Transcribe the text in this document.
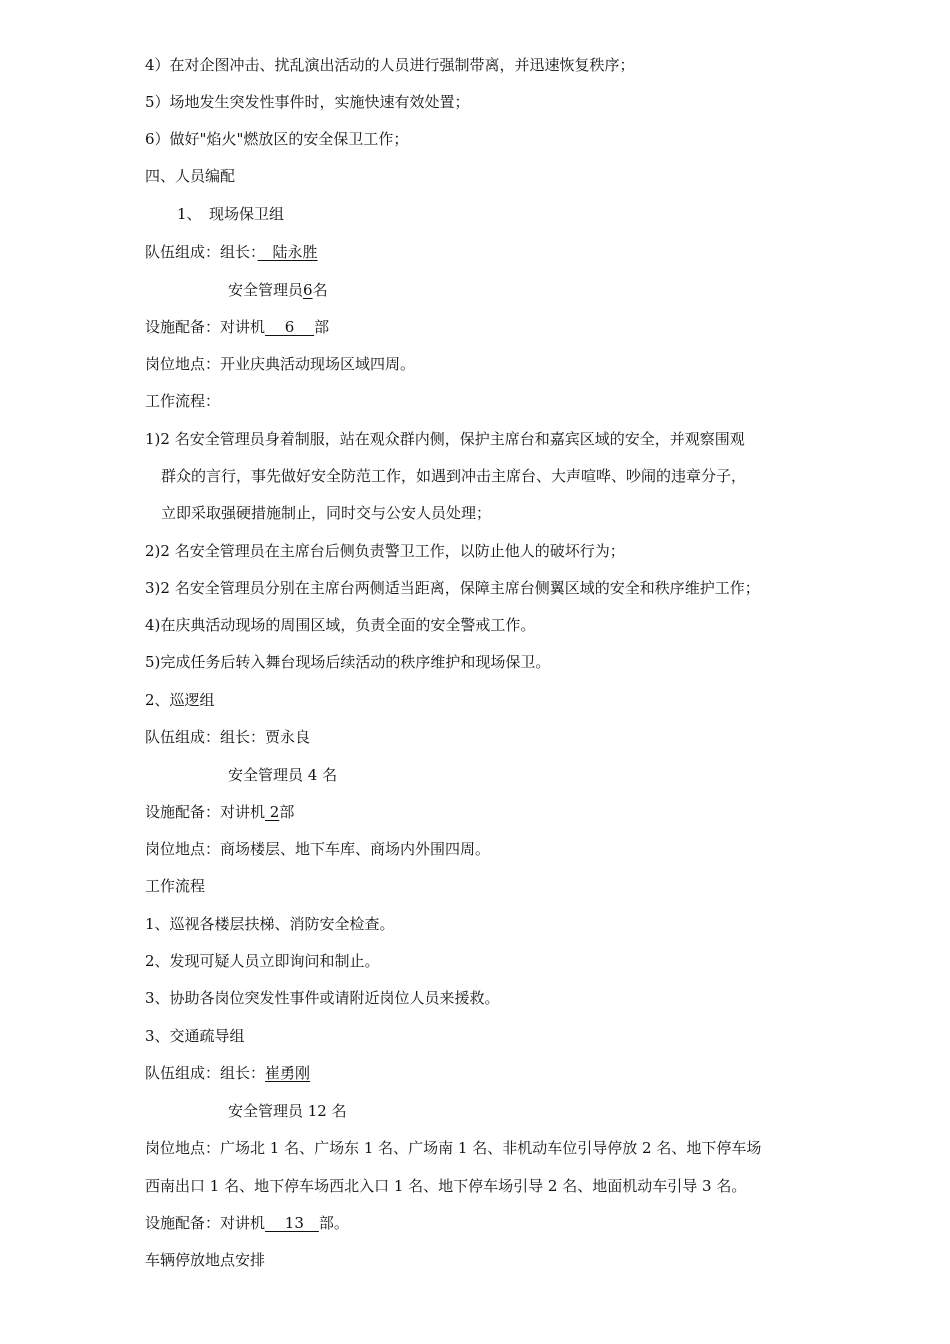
4）在对企图冲击、扰乱演出活动的人员进行强制带离，并迅速恢复秩序；
5）场地发生突发性事件时，实施快速有效处置；
6）做好"焰火"燃放区的安全保卫工作；
四、人员编配
1、　现场保卫组
队伍组成：组长：　陆永胜
安全管理员6名
设施配备：对讲机　 6　 部
岗位地点：开业庆典活动现场区域四周。
工作流程：
1)2 名安全管理员身着制服，站在观众群内侧，保护主席台和嘉宾区域的安全，并观察围观
群众的言行，事先做好安全防范工作，如遇到冲击主席台、大声喧哗、吵闹的违章分子，
立即采取强硬措施制止，同时交与公安人员处理；
2)2 名安全管理员在主席台后侧负责警卫工作，以防止他人的破坏行为；
3)2 名安全管理员分别在主席台两侧适当距离，保障主席台侧翼区域的安全和秩序维护工作；
4)在庆典活动现场的周围区域，负责全面的安全警戒工作。
5)完成任务后转入舞台现场后续活动的秩序维护和现场保卫。
2、巡逻组
队伍组成：组长：贾永良
安全管理员 4 名
设施配备：对讲机 2部
岗位地点：商场楼层、地下车库、商场内外围四周。
工作流程
1、巡视各楼层扶梯、消防安全检查。
2、发现可疑人员立即询问和制止。
3、协助各岗位突发性事件或请附近岗位人员来援救。
3、交通疏导组
队伍组成：组长：崔勇刚
安全管理员 12 名
岗位地点：广场北 1 名、广场东 1 名、广场南 1 名、非机动车位引导停放 2 名、地下停车场
西南出口 1 名、地下停车场西北入口 1 名、地下停车场引导 2 名、地面机动车引导 3 名。
设施配备：对讲机　 13　部。
车辆停放地点安排
